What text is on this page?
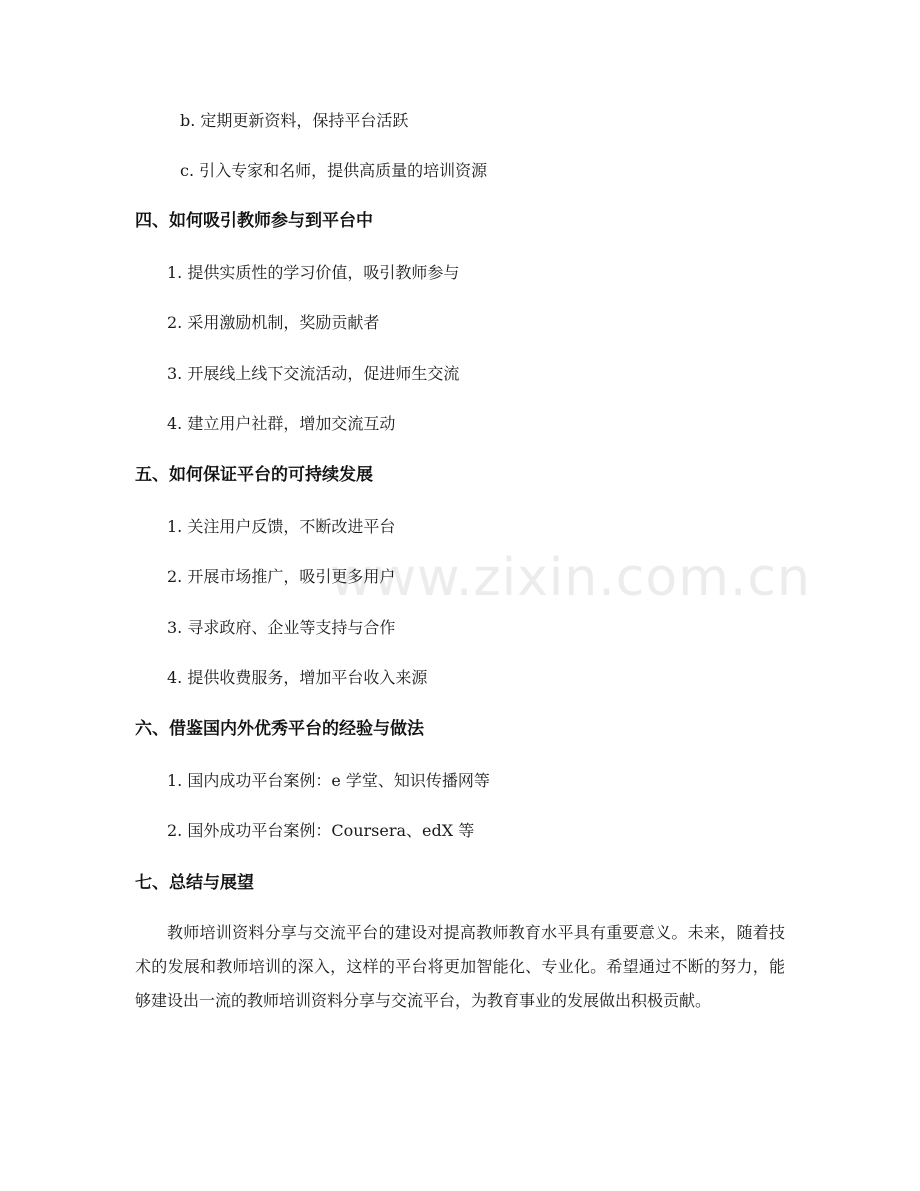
www.zixin.com.cn
b. 定期更新资料，保持平台活跃
c. 引入专家和名师，提供高质量的培训资源
四、如何吸引教师参与到平台中
1. 提供实质性的学习价值，吸引教师参与
2. 采用激励机制，奖励贡献者
3. 开展线上线下交流活动，促进师生交流
4. 建立用户社群，增加交流互动
五、如何保证平台的可持续发展
1. 关注用户反馈，不断改进平台
2. 开展市场推广，吸引更多用户
3. 寻求政府、企业等支持与合作
4. 提供收费服务，增加平台收入来源
六、借鉴国内外优秀平台的经验与做法
1. 国内成功平台案例：e 学堂、知识传播网等
2. 国外成功平台案例：Coursera、edX 等
七、总结与展望
教师培训资料分享与交流平台的建设对提高教师教育水平具有重要意义。未来，随着技术的发展和教师培训的深入，这样的平台将更加智能化、专业化。希望通过不断的努力，能够建设出一流的教师培训资料分享与交流平台，为教育事业的发展做出积极贡献。
